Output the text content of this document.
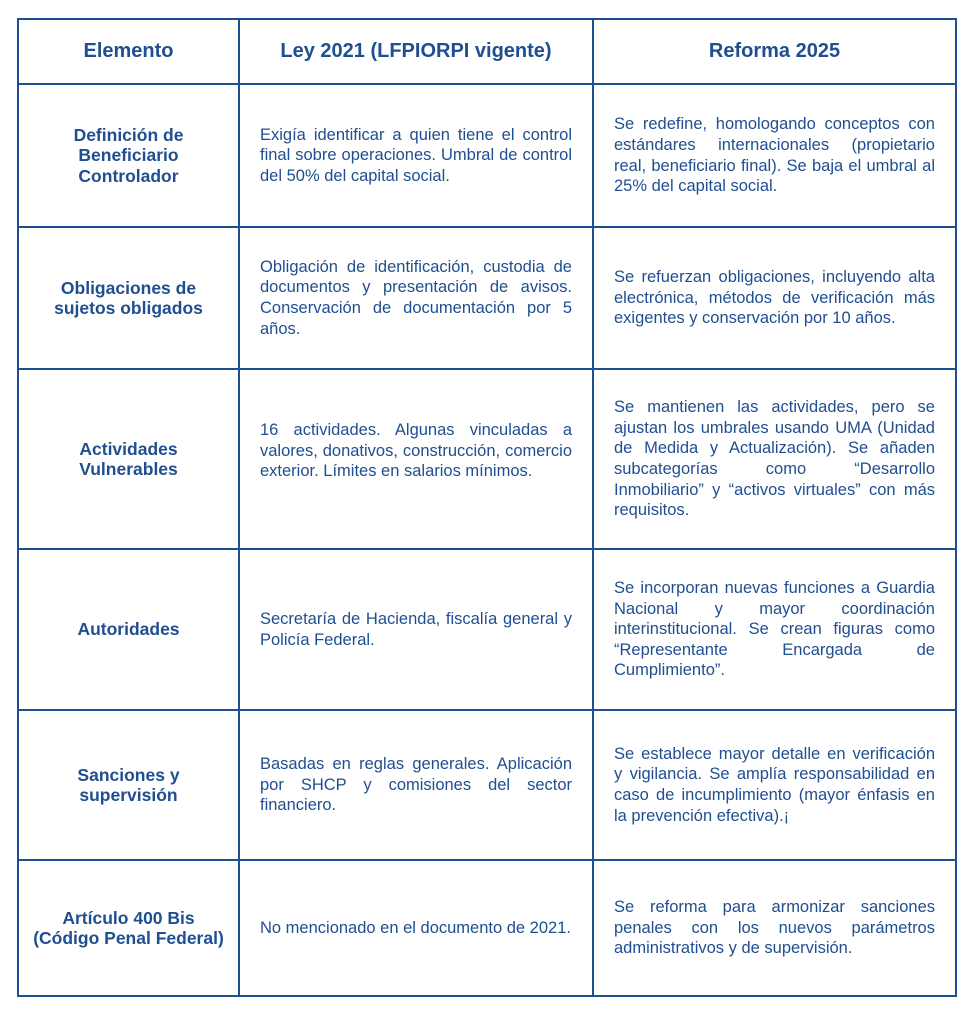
Elemento	Ley 2021 (LFPIORPI vigente)	Reforma 2025
Definición de Beneficiario Controlador	Exigía identificar a quien tiene el control final sobre operaciones. Umbral de control del 50% del capital social.	Se redefine, homologando conceptos con estándares internacionales (propietario real, beneficiario final). Se baja el umbral al 25% del capital social.

Obligaciones de sujetos obligados	Obligación de identificación, custodia de documentos y presentación de avisos. Conservación de documentación por 5 años.	Se refuerzan obligaciones, incluyendo alta electrónica, métodos de verificación más exigentes y conservación por 10 años.

Actividades Vulnerables	16 actividades. Algunas vinculadas a valores, donativos, construcción, comercio exterior. Límites en salarios mínimos.	Se mantienen las actividades, pero se ajustan los umbrales usando UMA (Unidad de Medida y Actualización). Se añaden subcategorías como “Desarrollo Inmobiliario” y “activos virtuales” con más requisitos.

Autoridades	Secretaría de Hacienda, fiscalía general y Policía Federal.	Se incorporan nuevas funciones a Guardia Nacional y mayor coordinación interinstitucional. Se crean figuras como “Representante Encargada de Cumplimiento”.

Sanciones y supervisión	Basadas en reglas generales. Aplicación por SHCP y comisiones del sector financiero.	Se establece mayor detalle en verificación y vigilancia. Se amplía responsabilidad en caso de incumplimiento (mayor énfasis en la prevención efectiva).¡

Artículo 400 Bis (Código Penal Federal)	No mencionado en el documento de 2021.	Se reforma para armonizar sanciones penales con los nuevos parámetros administrativos y de supervisión.
